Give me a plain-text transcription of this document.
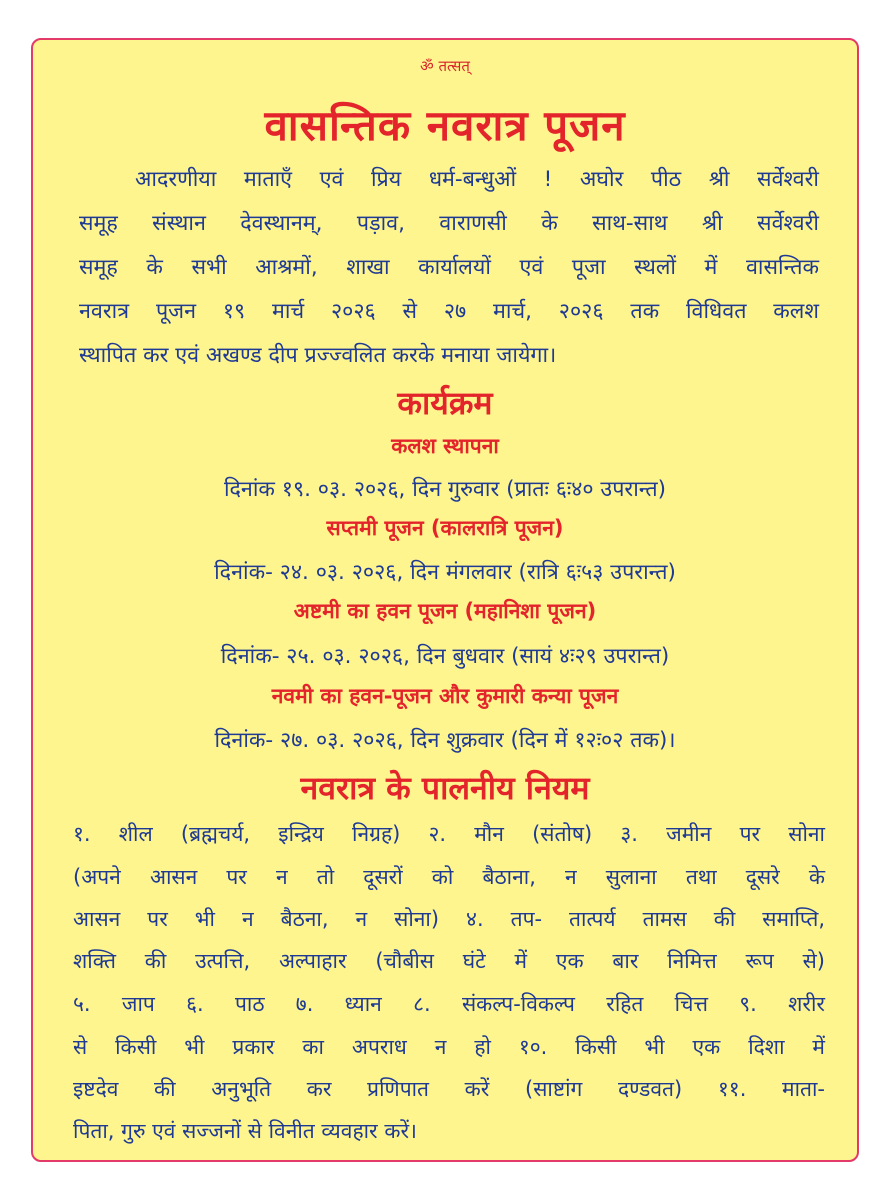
ॐ तत्सत्
वासन्तिक नवरात्र पूजन
आदरणीया माताएँ एवं प्रिय धर्म-बन्धुओं ! अघोर पीठ श्री सर्वेश्वरी
समूह संस्थान देवस्थानम्, पड़ाव, वाराणसी के साथ-साथ श्री सर्वेश्वरी
समूह के सभी आश्रमों, शाखा कार्यालयों एवं पूजा स्थलों में वासन्तिक
नवरात्र पूजन १९ मार्च २०२६ से २७ मार्च, २०२६ तक विधिवत कलश
स्थापित कर एवं अखण्ड दीप प्रज्ज्वलित करके मनाया जायेगा।
कार्यक्रम
कलश स्थापना
दिनांक १९. ०३. २०२६, दिन गुरुवार (प्रातः ६ः४० उपरान्त)
सप्तमी पूजन (कालरात्रि पूजन)
दिनांक- २४. ०३. २०२६, दिन मंगलवार (रात्रि ६ः५३ उपरान्त)
अष्टमी का हवन पूजन (महानिशा पूजन)
दिनांक- २५. ०३. २०२६, दिन बुधवार (सायं ४ः२९ उपरान्त)
नवमी का हवन-पूजन और कुमारी कन्या पूजन
दिनांक- २७. ०३. २०२६, दिन शुक्रवार (दिन में १२ः०२ तक)।
नवरात्र के पालनीय नियम
१. शील (ब्रह्मचर्य, इन्द्रिय निग्रह) २. मौन (संतोष) ३. जमीन पर सोना
(अपने आसन पर न तो दूसरों को बैठाना, न सुलाना तथा दूसरे के
आसन पर भी न बैठना, न सोना) ४. तप- तात्पर्य तामस की समाप्ति,
शक्ति की उत्पत्ति, अल्पाहार (चौबीस घंटे में एक बार निमित्त रूप से)
५. जाप ६. पाठ ७. ध्यान ८. संकल्प-विकल्प रहित चित्त ९. शरीर
से किसी भी प्रकार का अपराध न हो १०. किसी भी एक दिशा में
इष्टदेव की अनुभूति कर प्रणिपात करें (साष्टांग दण्डवत) ११. माता-
पिता, गुरु एवं सज्जनों से विनीत व्यवहार करें।
